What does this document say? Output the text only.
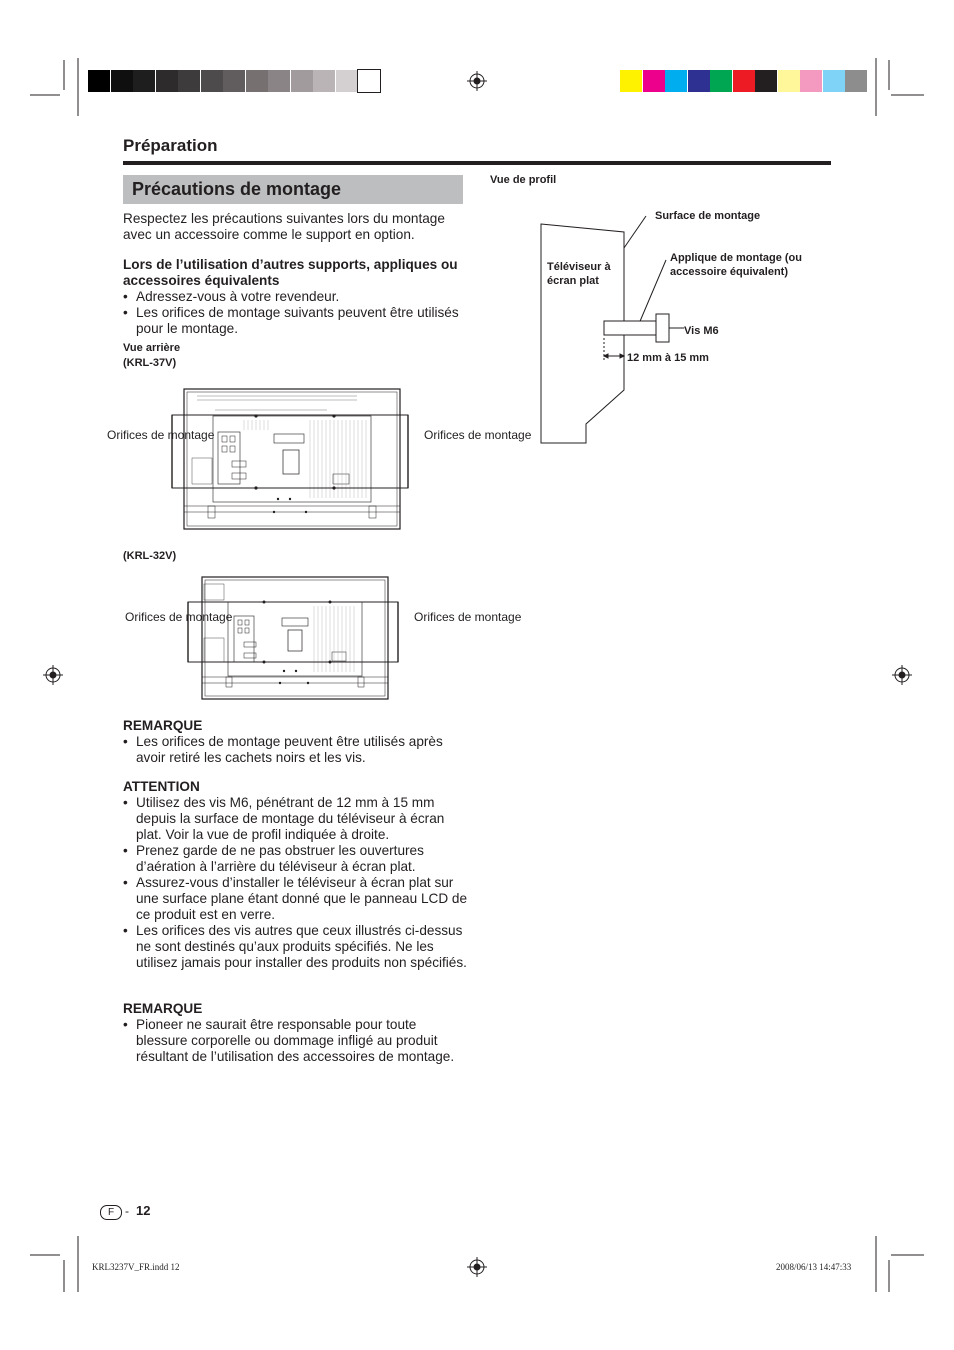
Préparation
Précautions de montage
Respectez les précautions suivantes lors du montage avec un accessoire comme le support en option.
Lors de l’utilisation d’autres supports, appliques ou accessoires équivalents
• Adressez-vous à votre revendeur.
• Les orifices de montage suivants peuvent être utilisés pour le montage.
Vue arrière
(KRL-37V)
Orifices de montage	Orifices de montage
(KRL-32V)
Orifices de montage	Orifices de montage
REMARQUE
• Les orifices de montage peuvent être utilisés après avoir retiré les cachets noirs et les vis.
ATTENTION
• Utilisez des vis M6, pénétrant de 12 mm à 15 mm depuis la surface de montage du téléviseur à écran plat. Voir la vue de profil indiquée à droite.
• Prenez garde de ne pas obstruer les ouvertures d’aération à l’arrière du téléviseur à écran plat.
• Assurez-vous d’installer le téléviseur à écran plat sur une surface plane étant donné que le panneau LCD de ce produit est en verre.
• Les orifices des vis autres que ceux illustrés ci-dessus ne sont destinés qu’aux produits spécifiés. Ne les utilisez jamais pour installer des produits non spécifiés.
REMARQUE
• Pioneer ne saurait être responsable pour toute blessure corporelle ou dommage infligé au produit résultant de l’utilisation des accessoires de montage.
Vue de profil
Surface de montage
Téléviseur à écran plat
Applique de montage (ou accessoire équivalent)
Vis M6
12 mm à 15 mm
F - 12
KRL3237V_FR.indd 12	2008/06/13 14:47:33
